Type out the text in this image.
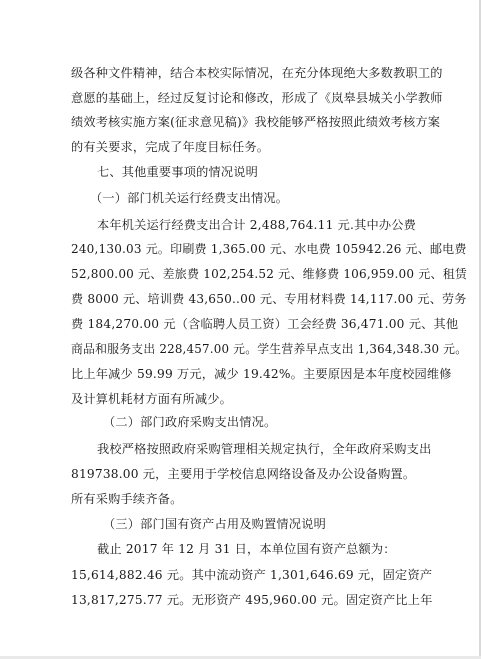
级各种文件精神，结合本校实际情况，在充分体现绝大多数教职工的
意愿的基础上，经过反复讨论和修改，形成了《岚皋县城关小学教师
绩效考核实施方案(征求意见稿)》我校能够严格按照此绩效考核方案
的有关要求，完成了年度目标任务。
七、其他重要事项的情况说明
（一）部门机关运行经费支出情况。
本年机关运行经费支出合计 2,488,764.11 元.其中办公费
240,130.03 元。印刷费 1,365.00 元、水电费 105942.26 元、邮电费
52,800.00 元、差旅费 102,254.52 元、维修费 106,959.00 元、租赁
费 8000 元、培训费 43,650..00 元、专用材料费 14,117.00 元、劳务
费 184,270.00 元（含临聘人员工资）工会经费 36,471.00 元、其他
商品和服务支出 228,457.00 元。学生营养早点支出 1,364,348.30 元。
比上年减少 59.99 万元，减少 19.42%。主要原因是本年度校园维修
及计算机耗材方面有所减少。
（二）部门政府采购支出情况。
我校严格按照政府采购管理相关规定执行，全年政府采购支出
819738.00 元，主要用于学校信息网络设备及办公设备购置。
所有采购手续齐备。
（三）部门国有资产占用及购置情况说明
截止 2017 年 12 月 31 日，本单位国有资产总额为：
15,614,882.46 元。其中流动资产 1,301,646.69 元，固定资产
13,817,275.77 元。无形资产 495,960.00 元。固定资产比上年
